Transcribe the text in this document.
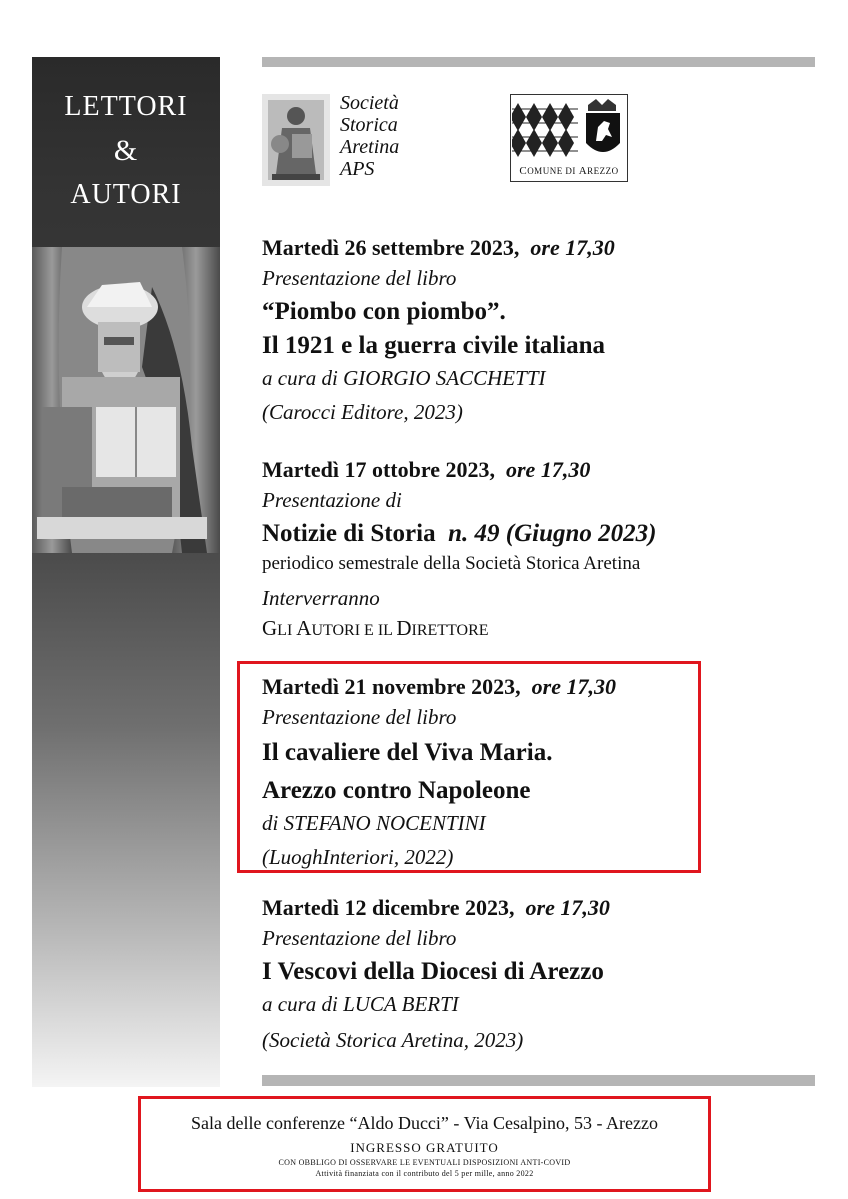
LETTORI
&
AUTORI
Società
Storica
Aretina
APS	COMUNE DI AREZZO
Martedì 26 settembre 2023, ore 17,30
Presentazione del libro
“Piombo con piombo”.
Il 1921 e la guerra civile italiana
a cura di GIORGIO SACCHETTI
(Carocci Editore, 2023)
Martedì 17 ottobre 2023, ore 17,30
Presentazione di
Notizie di Storia n. 49 (Giugno 2023)
periodico semestrale della Società Storica Aretina
Interverranno
GLI AUTORI E IL DIRETTORE
Martedì 21 novembre 2023, ore 17,30
Presentazione del libro
Il cavaliere del Viva Maria.
Arezzo contro Napoleone
di STEFANO NOCENTINI
(LuoghInteriori, 2022)
Martedì 12 dicembre 2023, ore 17,30
Presentazione del libro
I Vescovi della Diocesi di Arezzo
a cura di LUCA BERTI
(Società Storica Aretina, 2023)
Sala delle conferenze “Aldo Ducci” - Via Cesalpino, 53 - Arezzo
INGRESSO GRATUITO
CON OBBLIGO DI OSSERVARE LE EVENTUALI DISPOSIZIONI ANTI-COVID
Attività finanziata con il contributo del 5 per mille, anno 2022
